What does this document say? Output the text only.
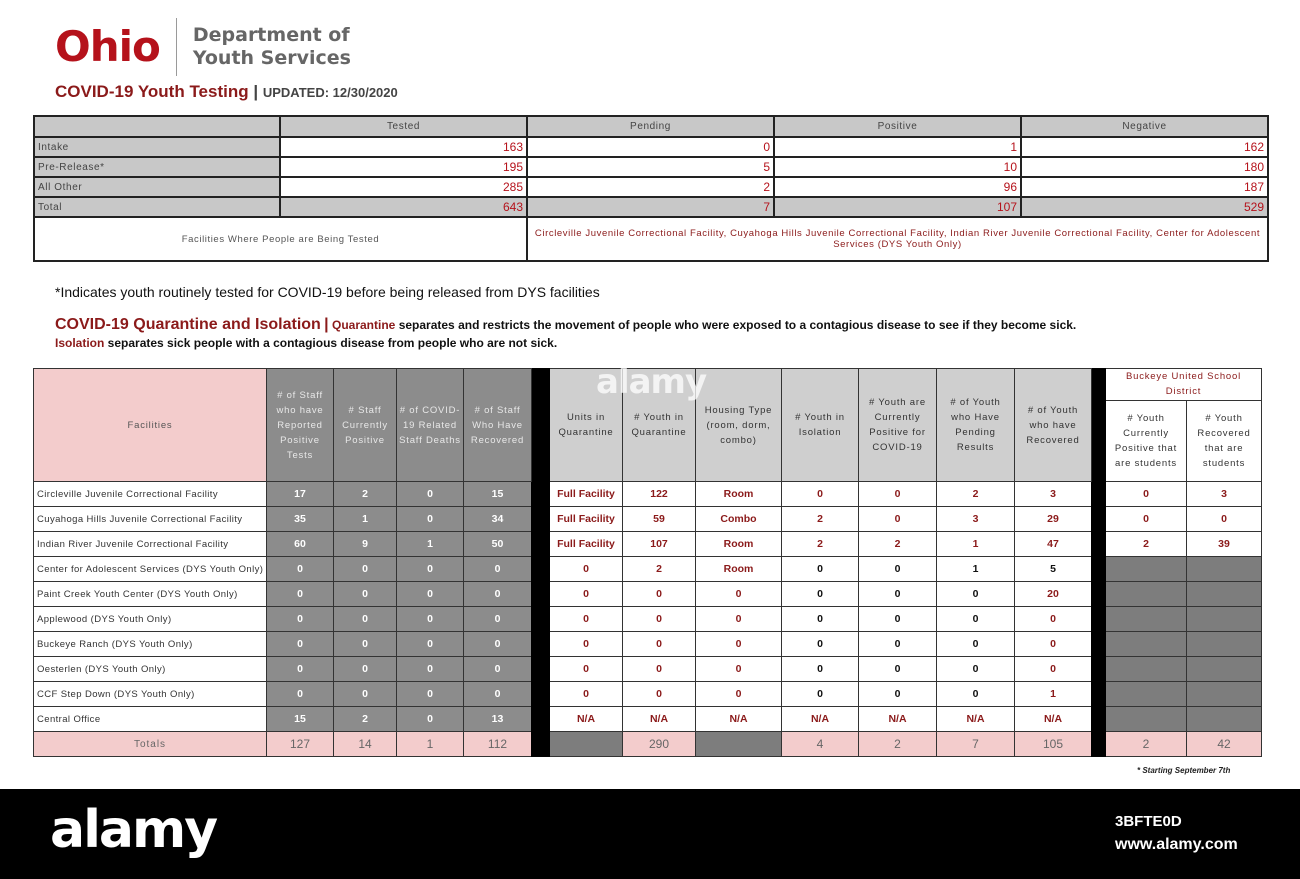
Ohio Department of
Youth Services
COVID-19 Youth Testing | UPDATED: 12/30/2020
	Tested	Pending	Positive	Negative
Intake	163	0	1	162
Pre-Release*	195	5	10	180
All Other	285	2	96	187
Total	643	7	107	529
Facilities Where People are Being Tested		Circleville Juvenile Correctional Facility, Cuyahoga Hills Juvenile Correctional Facility, Indian River Juvenile Correctional Facility, Center for Adolescent Services (DYS Youth Only)		
*Indicates youth routinely tested for COVID-19 before being released from DYS facilities
COVID-19 Quarantine and Isolation | Quarantine separates and restricts the movement of people who were exposed to a contagious disease to see if they become sick.
Isolation separates sick people with a contagious disease from people who are not sick.
Facilities	# of Staff who have Reported Positive Tests	# Staff Currently Positive	# of COVID-19 Related Staff Deaths	# of Staff Who Have Recovered		Units in Quarantine	# Youth in Quarantine	Housing Type (room, dorm, combo)	# Youth in Isolation	# Youth are Currently Positive for COVID-19	# of Youth who Have Pending Results	# of Youth who have Recovered		Buckeye United School District	
														# Youth Currently Positive that are students	# Youth Recovered that are students
Circleville Juvenile Correctional Facility	17	2	0	15		Full Facility	122	Room	0	0	2	3		0	3
Cuyahoga Hills Juvenile Correctional Facility	35	1	0	34		Full Facility	59	Combo	2	0	3	29		0	0
Indian River Juvenile Correctional Facility	60	9	1	50		Full Facility	107	Room	2	2	1	47		2	39
Center for Adolescent Services (DYS Youth Only)	0	0	0	0		0	2	Room	0	0	1	5			
Paint Creek Youth Center (DYS Youth Only)	0	0	0	0		0	0	0	0	0	0	20			
Applewood (DYS Youth Only)	0	0	0	0		0	0	0	0	0	0	0			
Buckeye Ranch (DYS Youth Only)	0	0	0	0		0	0	0	0	0	0	0			
Oesterlen (DYS Youth Only)	0	0	0	0		0	0	0	0	0	0	0			
CCF Step Down (DYS Youth Only)	0	0	0	0		0	0	0	0	0	0	1			
Central Office	15	2	0	13		N/A	N/A	N/A	N/A	N/A	N/A	N/A			
Totals	127	14	1	112			290		4	2	7	105		2	42
* Starting September 7th
alamy
alamy	3BFTE0D
www.alamy.com
